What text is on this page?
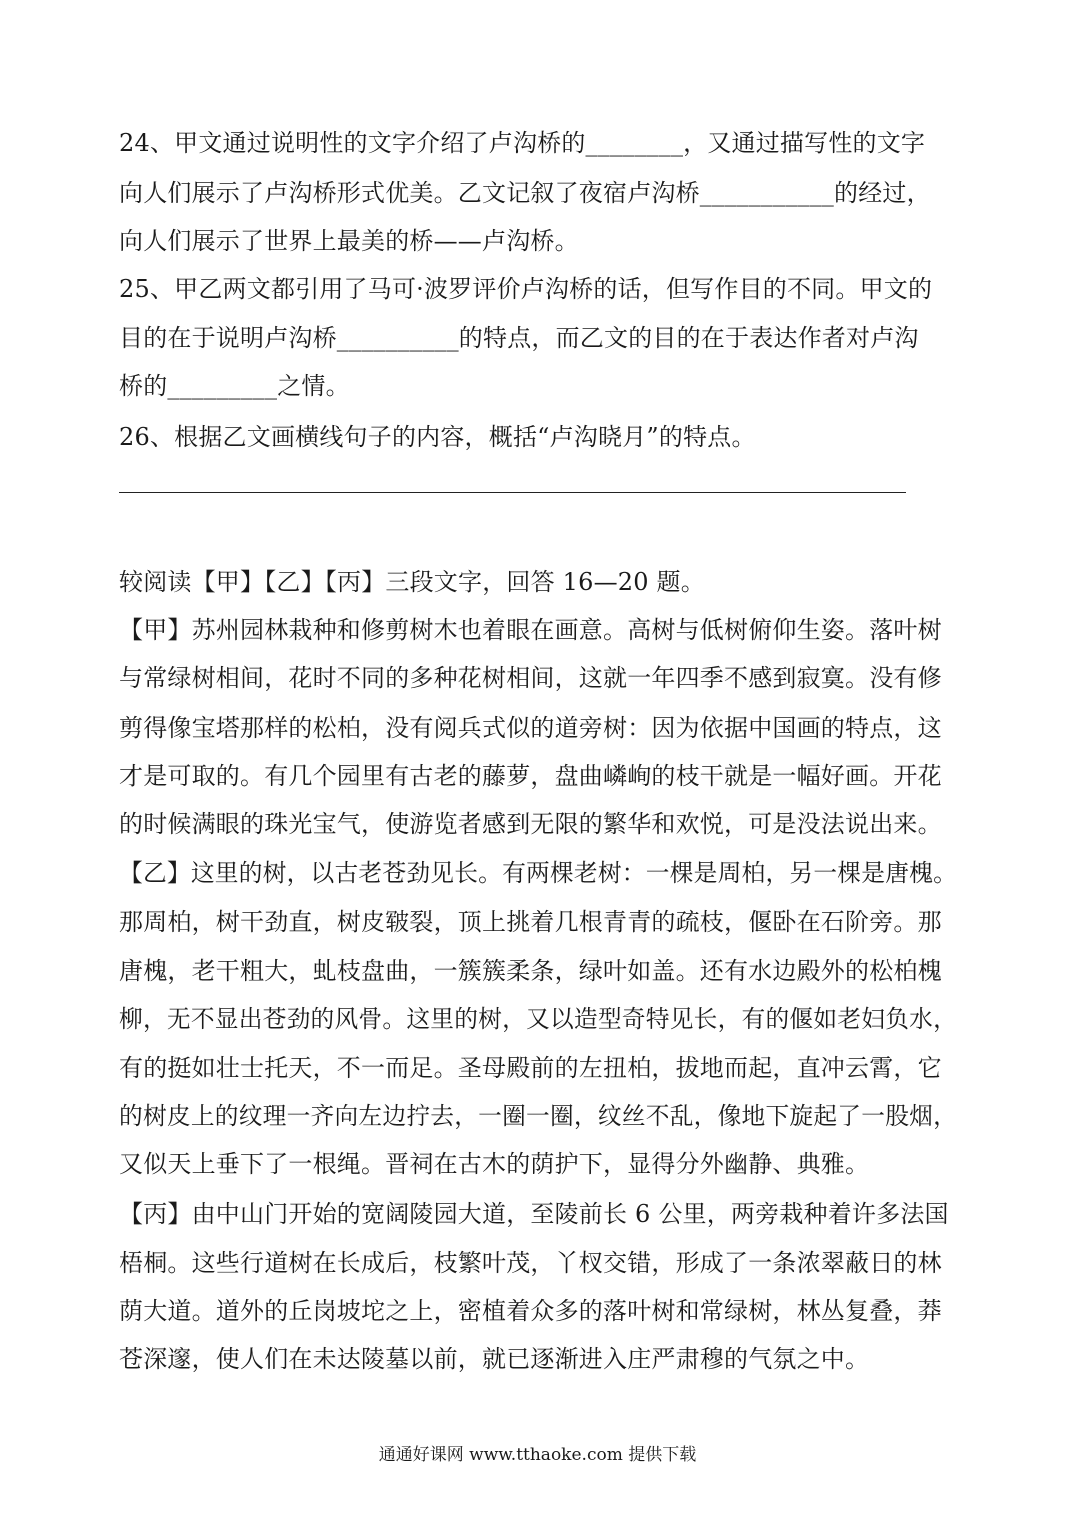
24、甲文通过说明性的文字介绍了卢沟桥的________，又通过描写性的文字
向人们展示了卢沟桥形式优美。乙文记叙了夜宿卢沟桥___________的经过，
向人们展示了世界上最美的桥——卢沟桥。
25、甲乙两文都引用了马可·波罗评价卢沟桥的话，但写作目的不同。甲文的
目的在于说明卢沟桥__________的特点，而乙文的目的在于表达作者对卢沟
桥的_________之情。
26、根据乙文画横线句子的内容，概括“卢沟晓月”的特点。
较阅读【甲】【乙】【丙】三段文字，回答 16—20 题。
【甲】苏州园林栽种和修剪树木也着眼在画意。高树与低树俯仰生姿。落叶树
与常绿树相间，花时不同的多种花树相间，这就一年四季不感到寂寞。没有修
剪得像宝塔那样的松柏，没有阅兵式似的道旁树：因为依据中国画的特点，这
才是可取的。有几个园里有古老的藤萝，盘曲嶙峋的枝干就是一幅好画。开花
的时候满眼的珠光宝气，使游览者感到无限的繁华和欢悦，可是没法说出来。
【乙】这里的树，以古老苍劲见长。有两棵老树：一棵是周柏，另一棵是唐槐。
那周柏，树干劲直，树皮皲裂，顶上挑着几根青青的疏枝，偃卧在石阶旁。那
唐槐，老干粗大，虬枝盘曲，一簇簇柔条，绿叶如盖。还有水边殿外的松柏槐
柳，无不显出苍劲的风骨。这里的树，又以造型奇特见长，有的偃如老妇负水，
有的挺如壮士托天，不一而足。圣母殿前的左扭柏，拔地而起，直冲云霄，它
的树皮上的纹理一齐向左边拧去，一圈一圈，纹丝不乱，像地下旋起了一股烟，
又似天上垂下了一根绳。晋祠在古木的荫护下，显得分外幽静、典雅。
【丙】由中山门开始的宽阔陵园大道，至陵前长 6 公里，两旁栽种着许多法国
梧桐。这些行道树在长成后，枝繁叶茂，丫杈交错，形成了一条浓翠蔽日的林
荫大道。道外的丘岗坡坨之上，密植着众多的落叶树和常绿树，林丛复叠，莽
苍深邃，使人们在未达陵墓以前，就已逐渐进入庄严肃穆的气氛之中。
通通好课网 www.tthaoke.com 提供下载
